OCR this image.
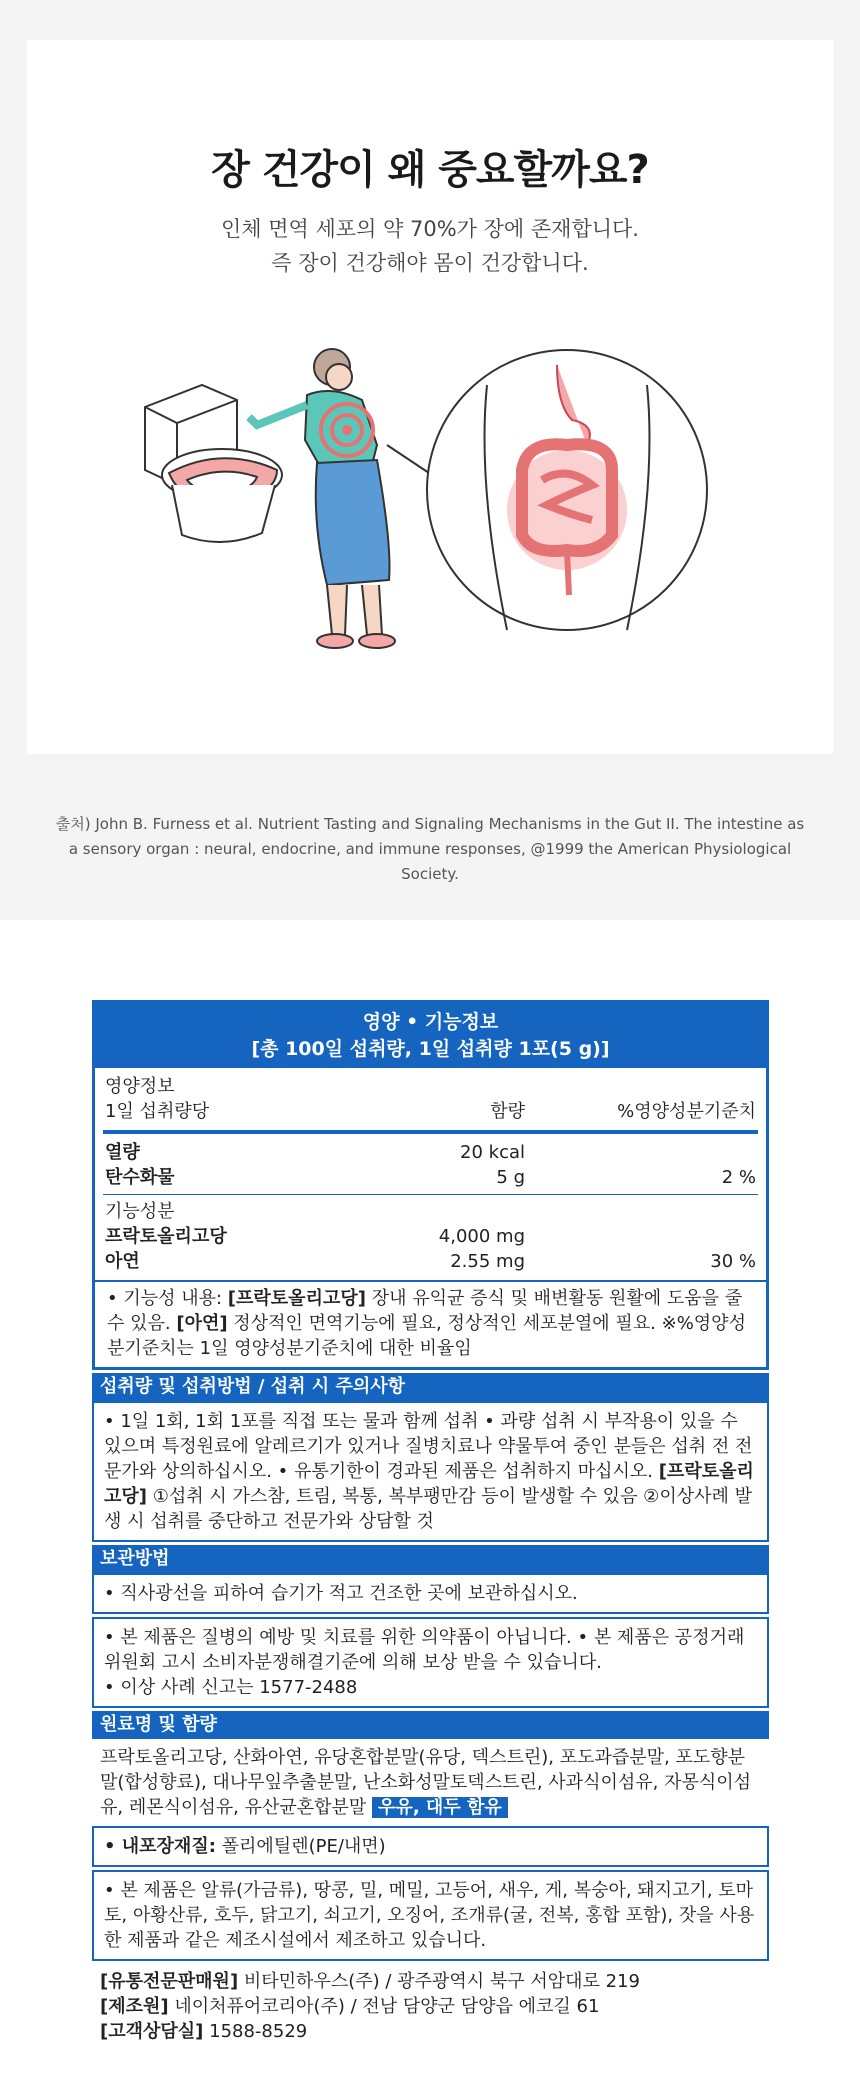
장 건강이 왜 중요할까요?
인체 면역 세포의 약 70%가 장에 존재합니다.
즉 장이 건강해야 몸이 건강합니다.
출처) John B. Furness et al. Nutrient Tasting and Signaling Mechanisms in the Gut II. The intestine as
a sensory organ : neural, endocrine, and immune responses, @1999 the American Physiological Society.
영양 • 기능정보
[총 100일 섭취량, 1일 섭취량 1포(5 g)]
영양정보
1일 섭취량당	함량	%영양성분기준치
열량	20 kcal
탄수화물	5 g	2 %
기능성분
프락토올리고당	4,000 mg
아연	2.55 mg	30 %
• 기능성 내용: [프락토올리고당] 장내 유익균 증식 및 배변활동 원활에 도움을 줄 수 있음. [아연] 정상적인 면역기능에 필요, 정상적인 세포분열에 필요. ※%영양성분기준치는 1일 영양성분기준치에 대한 비율임
섭취량 및 섭취방법 / 섭취 시 주의사항
• 1일 1회, 1회 1포를 직접 또는 물과 함께 섭취 • 과량 섭취 시 부작용이 있을 수 있으며 특정원료에 알레르기가 있거나 질병치료나 약물투여 중인 분들은 섭취 전 전문가와 상의하십시오. • 유통기한이 경과된 제품은 섭취하지 마십시오. [프락토올리고당] ①섭취 시 가스참, 트림, 복통, 복부팽만감 등이 발생할 수 있음 ②이상사례 발생 시 섭취를 중단하고 전문가와 상담할 것
보관방법
• 직사광선을 피하여 습기가 적고 건조한 곳에 보관하십시오.
• 본 제품은 질병의 예방 및 치료를 위한 의약품이 아닙니다. • 본 제품은 공정거래위원회 고시 소비자분쟁해결기준에 의해 보상 받을 수 있습니다.
• 이상 사례 신고는 1577-2488
원료명 및 함량
프락토올리고당, 산화아연, 유당혼합분말(유당, 덱스트린), 포도과즙분말, 포도향분말(합성향료), 대나무잎추출분말, 난소화성말토덱스트린, 사과식이섬유, 자몽식이섬유, 레몬식이섬유, 유산균혼합분말 우유, 대두 함유
• 내포장재질: 폴리에틸렌(PE/내면)
• 본 제품은 알류(가금류), 땅콩, 밀, 메밀, 고등어, 새우, 게, 복숭아, 돼지고기, 토마토, 아황산류, 호두, 닭고기, 쇠고기, 오징어, 조개류(굴, 전복, 홍합 포함), 잣을 사용한 제품과 같은 제조시설에서 제조하고 있습니다.
[유통전문판매원] 비타민하우스(주) / 광주광역시 북구 서암대로 219
[제조원] 네이처퓨어코리아(주) / 전남 담양군 담양읍 에코길 61
[고객상담실] 1588-8529
